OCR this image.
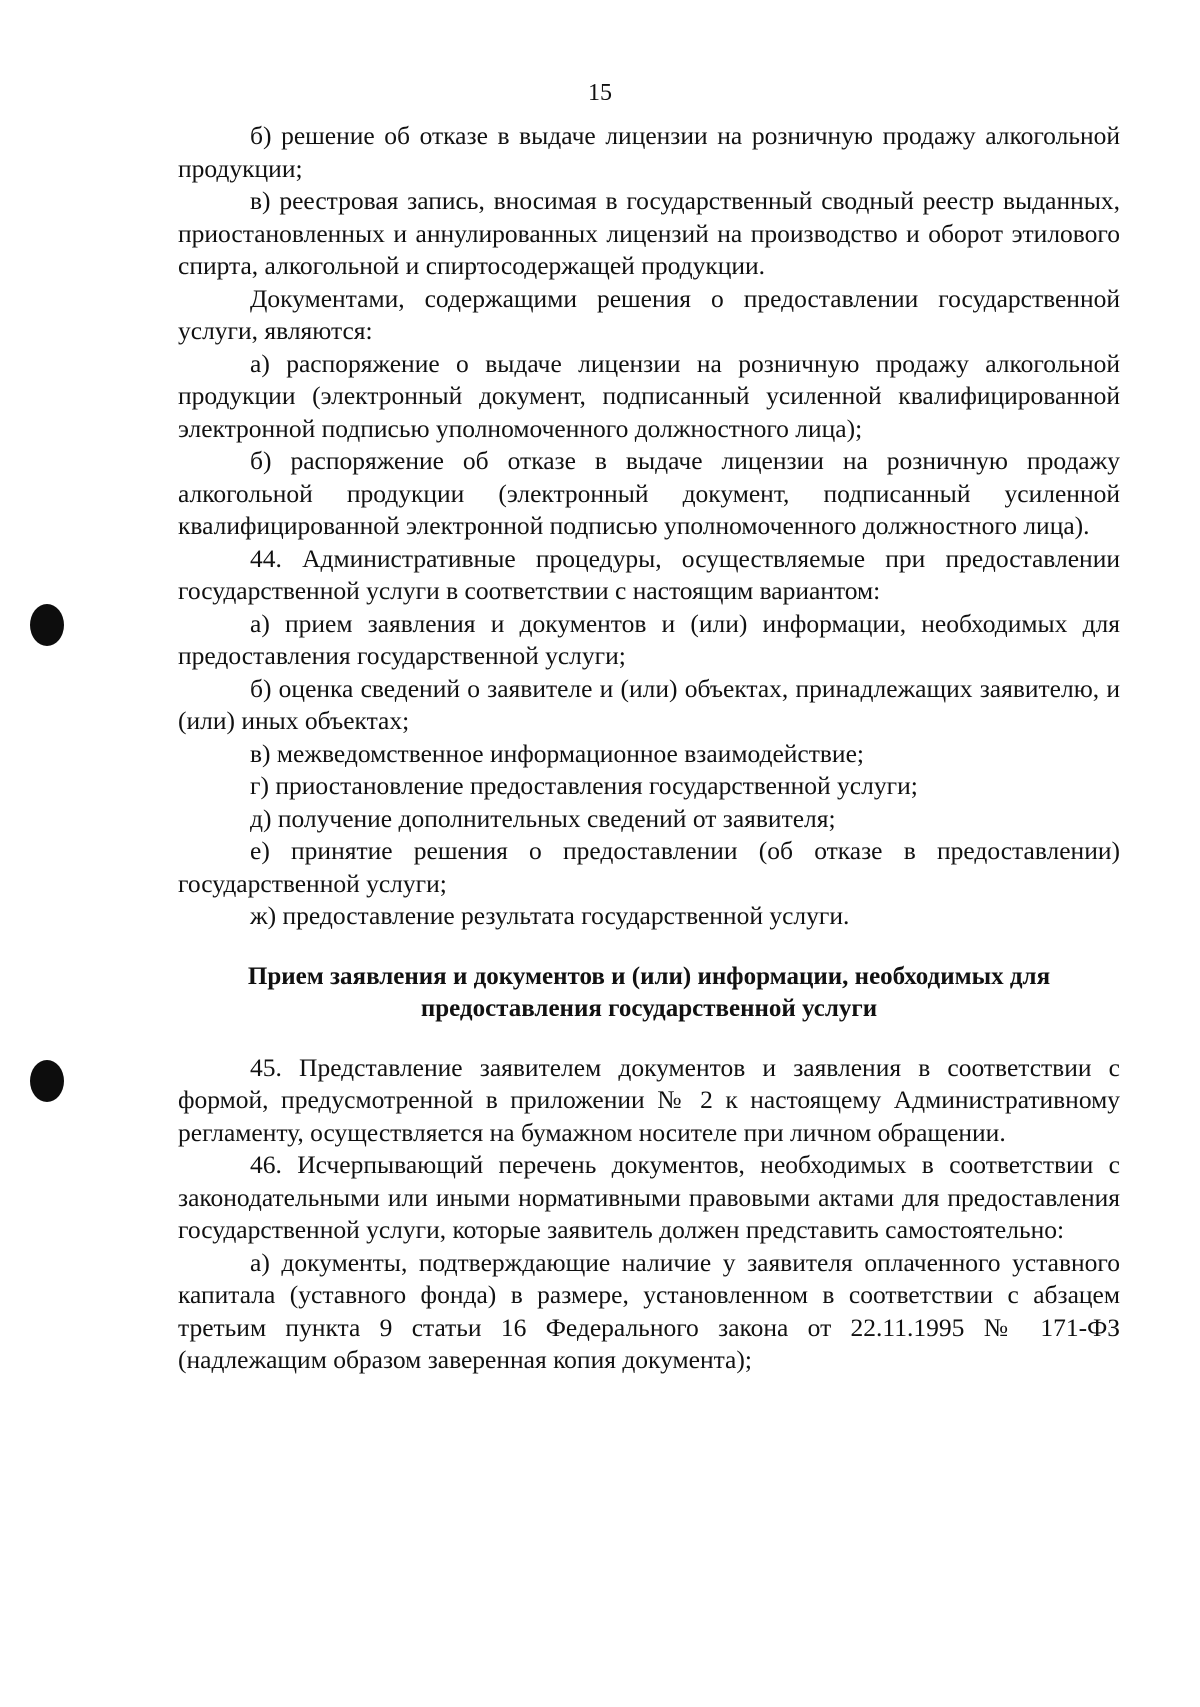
15

б) решение об отказе в выдаче лицензии на розничную продажу алкогольной продукции;

в) реестровая запись, вносимая в государственный сводный реестр выданных, приостановленных и аннулированных лицензий на производство и оборот этилового спирта, алкогольной и спиртосодержащей продукции.

Документами, содержащими решения о предоставлении государственной услуги, являются:

а) распоряжение о выдаче лицензии на розничную продажу алкогольной продукции (электронный документ, подписанный усиленной квалифицированной электронной подписью уполномоченного должностного лица);

б) распоряжение об отказе в выдаче лицензии на розничную продажу алкогольной продукции (электронный документ, подписанный усиленной квалифицированной электронной подписью уполномоченного должностного лица).

44. Административные процедуры, осуществляемые при предоставлении государственной услуги в соответствии с настоящим вариантом:

а) прием заявления и документов и (или) информации, необходимых для предоставления государственной услуги;

б) оценка сведений о заявителе и (или) объектах, принадлежащих заявителю, и (или) иных объектах;

в) межведомственное информационное взаимодействие;

г) приостановление предоставления государственной услуги;

д) получение дополнительных сведений от заявителя;

е) принятие решения о предоставлении (об отказе в предоставлении) государственной услуги;

ж) предоставление результата государственной услуги.

Прием заявления и документов и (или) информации, необходимых для
предоставления государственной услуги

45. Представление заявителем документов и заявления в соответствии с формой, предусмотренной в приложении № 2 к настоящему Административному регламенту, осуществляется на бумажном носителе при личном обращении.

46. Исчерпывающий перечень документов, необходимых в соответствии с законодательными или иными нормативными правовыми актами для предоставления государственной услуги, которые заявитель должен представить самостоятельно:

а) документы, подтверждающие наличие у заявителя оплаченного уставного капитала (уставного фонда) в размере, установленном в соответствии с абзацем третьим пункта 9 статьи 16 Федерального закона от 22.11.1995 № 171-ФЗ (надлежащим образом заверенная копия документа);
